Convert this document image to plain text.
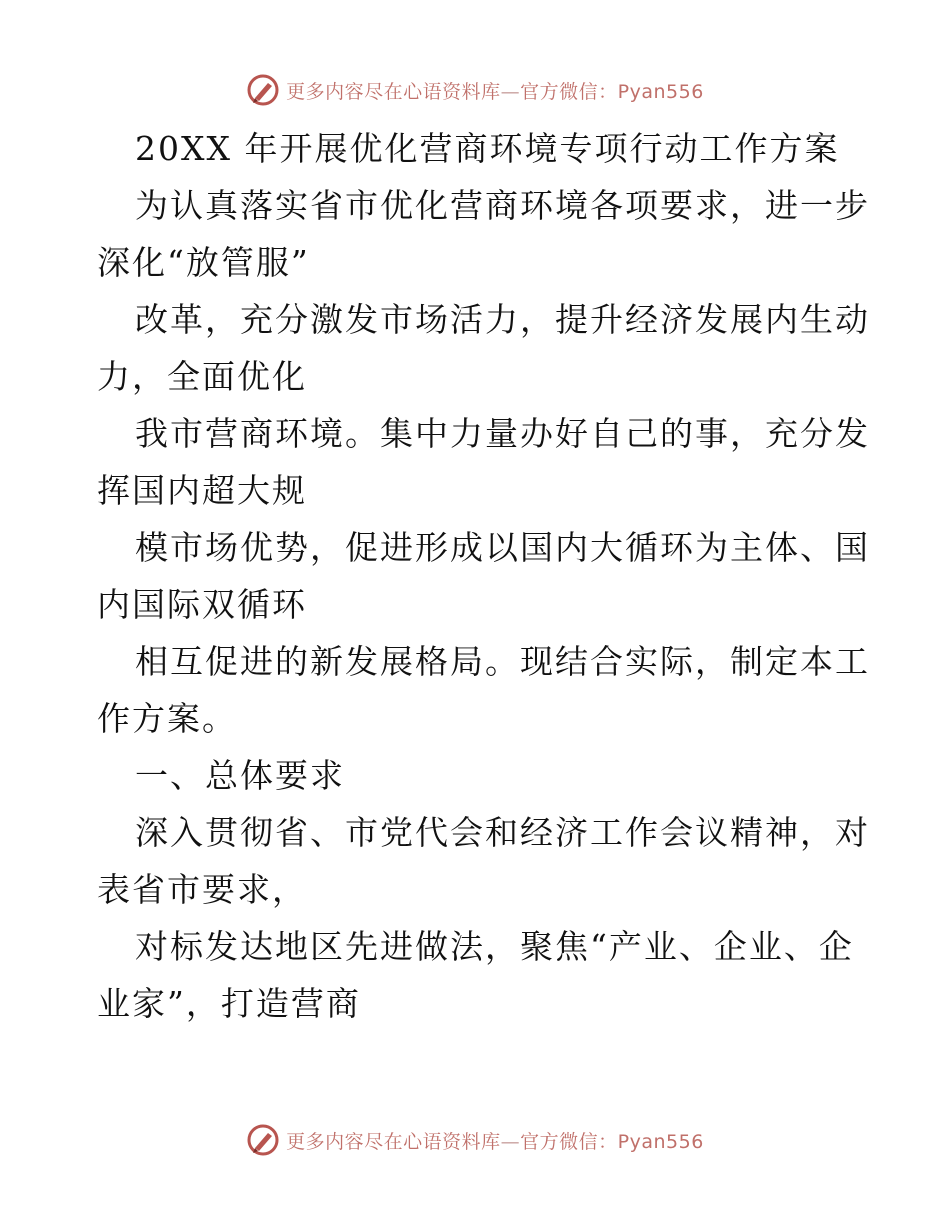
更多内容尽在心语资料库—官方微信：Pyan556
20XX 年开展优化营商环境专项行动工作方案
为认真落实省市优化营商环境各项要求，进一步
深化“放管服”
改革，充分激发市场活力，提升经济发展内生动
力，全面优化
我市营商环境。集中力量办好自己的事，充分发
挥国内超大规
模市场优势，促进形成以国内大循环为主体、国
内国际双循环
相互促进的新发展格局。现结合实际，制定本工
作方案。
一、总体要求
深入贯彻省、市党代会和经济工作会议精神，对
表省市要求，
对标发达地区先进做法，聚焦“产业、企业、企
业家”，打造营商
更多内容尽在心语资料库—官方微信：Pyan556
